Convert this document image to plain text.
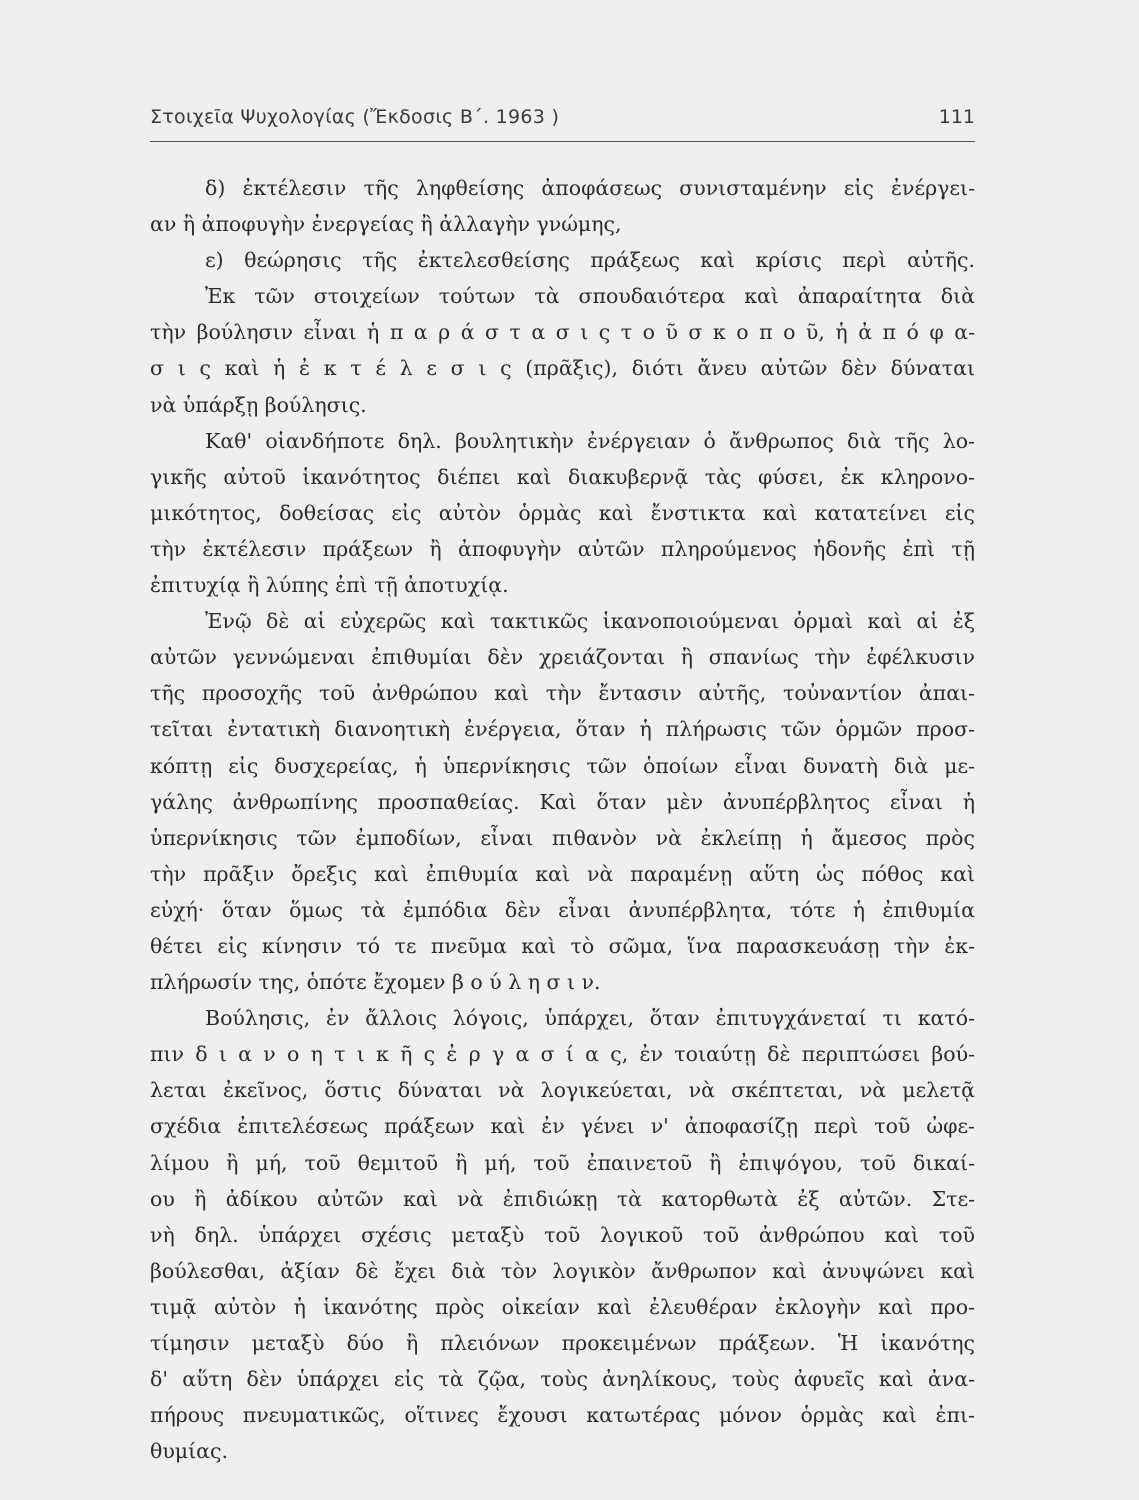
Στοιχεῖα Ψυχολογίας (Ἔκδοσις Β΄. 1963 )	111
δ) ἐκτέλεσιν τῆς ληφθείσης ἀποφάσεως συνισταμένην εἰς ἐνέργει-
αν ἢ ἀποφυγὴν ἐνεργείας ἢ ἀλλαγὴν γνώμης,
ε) θεώρησις τῆς ἐκτελεσθείσης πράξεως καὶ κρίσις περὶ αὐτῆς.
Ἐκ τῶν στοιχείων τούτων τὰ σπουδαιότερα καὶ ἀπαραίτητα διὰ
τὴν βούλησιν εἶναι ἡ π α ρ ά σ τ α σ ι ς τ ο ῦ σ κ ο π ο ῦ, ἡ ἀ π ό φ α-
σ ι ς καὶ ἡ ἐ κ τ έ λ ε σ ι ς (πρᾶξις), διότι ἄνευ αὐτῶν δὲν δύναται
νὰ ὑπάρξῃ βούλησις.
Καθ' οἱανδήποτε δηλ. βουλητικὴν ἐνέργειαν ὁ ἄνθρωπος διὰ τῆς λο-
γικῆς αὐτοῦ ἱκανότητος διέπει καὶ διακυβερνᾷ τὰς φύσει, ἐκ κληρονο-
μικότητος, δοθείσας εἰς αὐτὸν ὁρμὰς καὶ ἔνστικτα καὶ κατατείνει εἰς
τὴν ἐκτέλεσιν πράξεων ἢ ἀποφυγὴν αὐτῶν πληρούμενος ἡδονῆς ἐπὶ τῇ
ἐπιτυχίᾳ ἢ λύπης ἐπὶ τῇ ἀποτυχίᾳ.
Ἐνῷ δὲ αἱ εὐχερῶς καὶ τακτικῶς ἱκανοποιούμεναι ὁρμαὶ καὶ αἱ ἐξ
αὐτῶν γεννώμεναι ἐπιθυμίαι δὲν χρειάζονται ἢ σπανίως τὴν ἐφέλκυσιν
τῆς προσοχῆς τοῦ ἀνθρώπου καὶ τὴν ἔντασιν αὐτῆς, τοὐναντίον ἀπαι-
τεῖται ἐντατικὴ διανοητικὴ ἐνέργεια, ὅταν ἡ πλήρωσις τῶν ὁρμῶν προσ-
κόπτῃ εἰς δυσχερείας, ἡ ὑπερνίκησις τῶν ὁποίων εἶναι δυνατὴ διὰ με-
γάλης ἀνθρωπίνης προσπαθείας. Καὶ ὅταν μὲν ἀνυπέρβλητος εἶναι ἡ
ὑπερνίκησις τῶν ἐμποδίων, εἶναι πιθανὸν νὰ ἐκλείπῃ ἡ ἄμεσος πρὸς
τὴν πρᾶξιν ὄρεξις καὶ ἐπιθυμία καὶ νὰ παραμένῃ αὕτη ὡς πόθος καὶ
εὐχή· ὅταν ὅμως τὰ ἐμπόδια δὲν εἶναι ἀνυπέρβλητα, τότε ἡ ἐπιθυμία
θέτει εἰς κίνησιν τό τε πνεῦμα καὶ τὸ σῶμα, ἵνα παρασκευάσῃ τὴν ἐκ-
πλήρωσίν της, ὁπότε ἔχομεν β ο ύ λ η σ ι ν.
Βούλησις, ἐν ἄλλοις λόγοις, ὑπάρχει, ὅταν ἐπιτυγχάνεταί τι κατό-
πιν δ ι α ν ο η τ ι κ ῆ ς ἐ ρ γ α σ ί α ς, ἐν τοιαύτῃ δὲ περιπτώσει βού-
λεται ἐκεῖνος, ὅστις δύναται νὰ λογικεύεται, νὰ σκέπτεται, νὰ μελετᾷ
σχέδια ἐπιτελέσεως πράξεων καὶ ἐν γένει ν' ἀποφασίζῃ περὶ τοῦ ὠφε-
λίμου ἢ μή, τοῦ θεμιτοῦ ἢ μή, τοῦ ἐπαινετοῦ ἢ ἐπιψόγου, τοῦ δικαί-
ου ἢ ἀδίκου αὐτῶν καὶ νὰ ἐπιδιώκῃ τὰ κατορθωτὰ ἐξ αὐτῶν. Στε-
νὴ δηλ. ὑπάρχει σχέσις μεταξὺ τοῦ λογικοῦ τοῦ ἀνθρώπου καὶ τοῦ
βούλεσθαι, ἀξίαν δὲ ἔχει διὰ τὸν λογικὸν ἄνθρωπον καὶ ἀνυψώνει καὶ
τιμᾷ αὐτὸν ἡ ἱκανότης πρὸς οἰκείαν καὶ ἐλευθέραν ἐκλογὴν καὶ προ-
τίμησιν μεταξὺ δύο ἢ πλειόνων προκειμένων πράξεων. Ἡ ἱκανότης
δ' αὕτη δὲν ὑπάρχει εἰς τὰ ζῷα, τοὺς ἀνηλίκους, τοὺς ἀφυεῖς καὶ ἀνα-
πήρους πνευματικῶς, οἵτινες ἔχουσι κατωτέρας μόνον ὁρμὰς καὶ ἐπι-
θυμίας.
